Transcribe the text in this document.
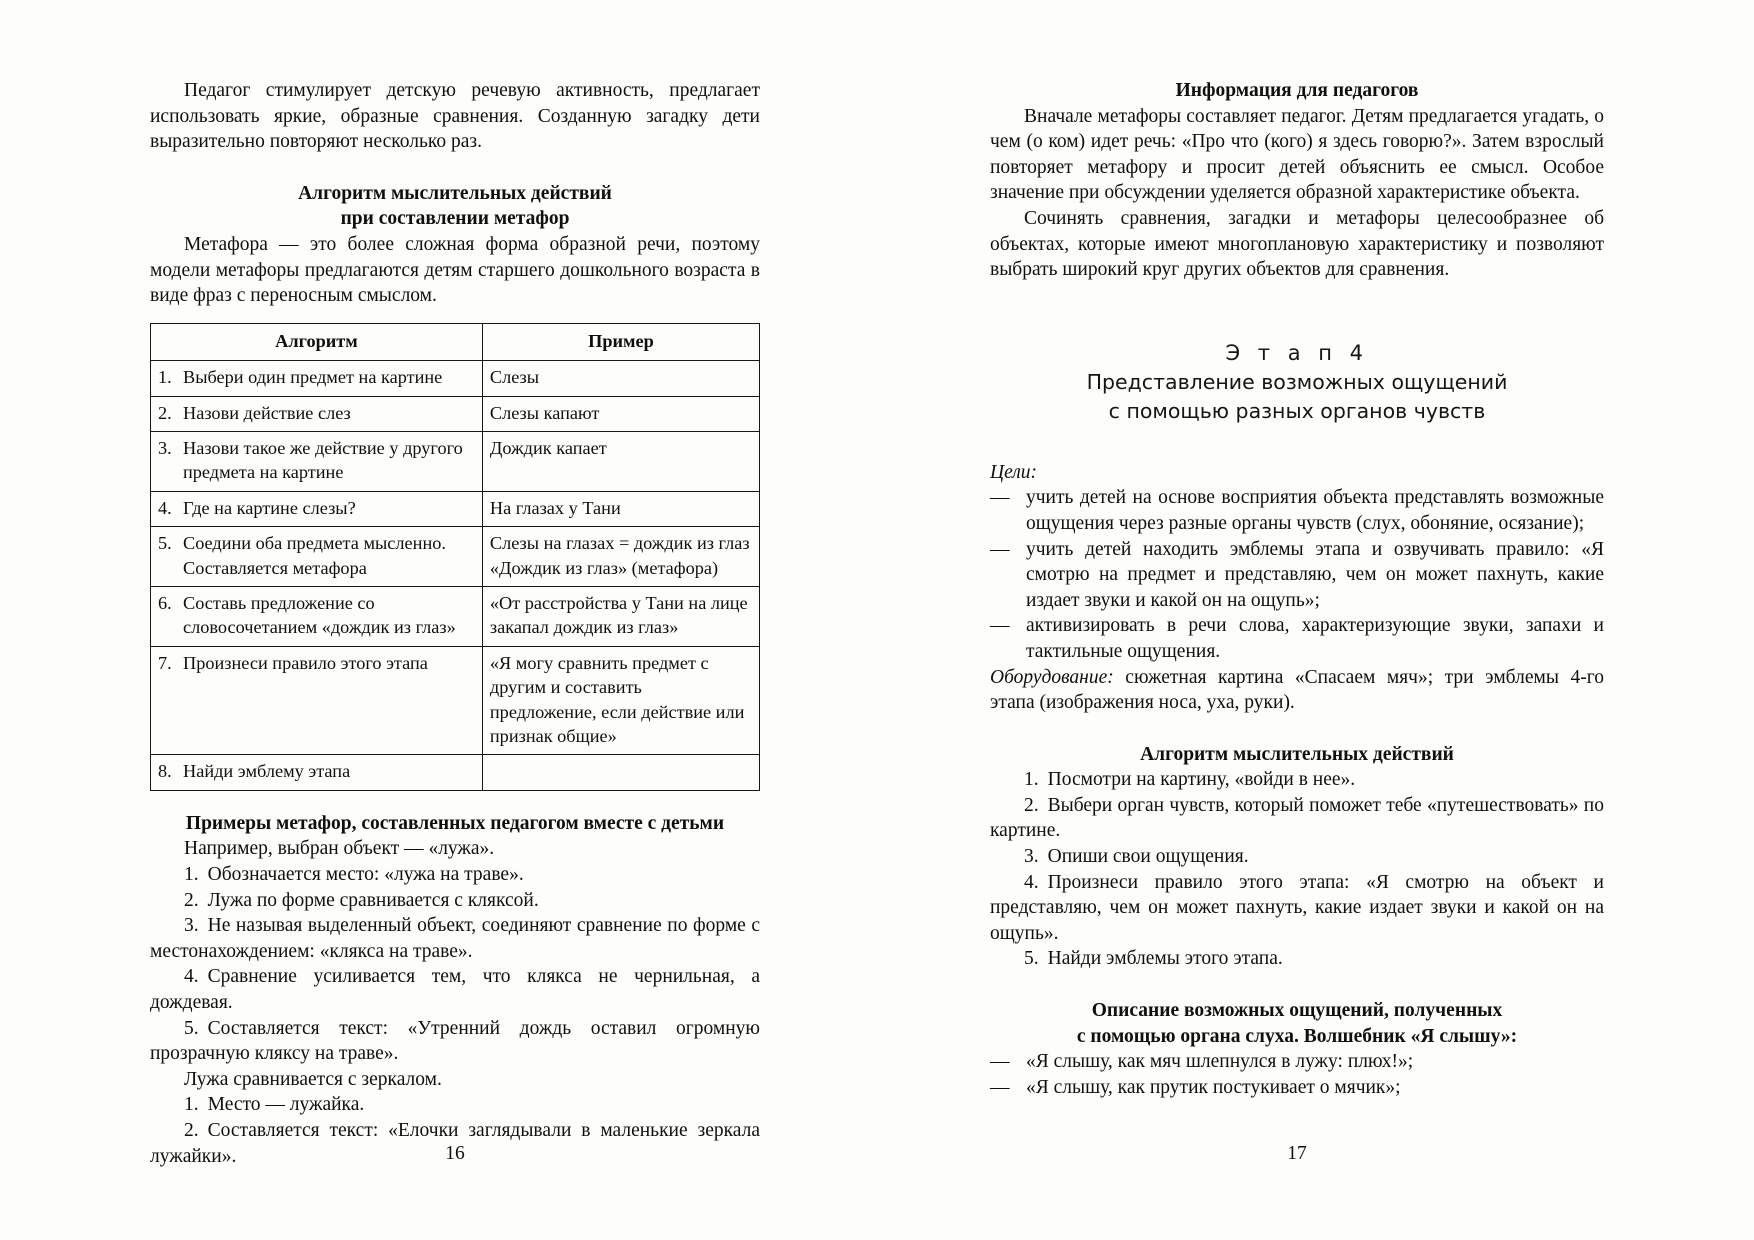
Педагог стимулирует детскую речевую активность, предлагает использовать яркие, образные сравнения. Созданную загадку дети выразительно повторяют несколько раз.

Алгоритм мыслительных действий
при составлении метафор

Метафора — это более сложная форма образной речи, поэтому модели метафоры предлагаются детям старшего дошкольного возраста в виде фраз с переносным смыслом.

Алгоритм	Пример

1. Выбери один предмет на картине	Слезы

2. Назови действие слез	Слезы капают

3. Назови такое же действие у другого предмета на картине	Дождик капает

4. Где на картине слезы?	На глазах у Тани

5. Соедини оба предмета мысленно. Составляется метафора	Слезы на глазах = дождик из глаз «Дождик из глаз» (метафора)

6. Составь предложение со словосочетанием «дождик из глаз»	«От расстройства у Тани на лице закапал дождик из глаз»

7. Произнеси правило этого этапа	«Я могу сравнить предмет с другим и составить предложение, если действие или признак общие»

8. Найди эмблему этапа	

Примеры метафор, составленных педагогом вместе с детьми

Например, выбран объект — «лужа».

1. Обозначается место: «лужа на траве».
2. Лужа по форме сравнивается с кляксой.
3. Не называя выделенный объект, соединяют сравнение по форме с местонахождением: «клякса на траве».
4. Сравнение усиливается тем, что клякса не чернильная, а дождевая.
5. Составляется текст: «Утренний дождь оставил огромную прозрачную кляксу на траве».

Лужа сравнивается с зеркалом.

1. Место — лужайка.
2. Составляется текст: «Елочки заглядывали в маленькие зеркала лужайки».	16
Информация для педагогов

Вначале метафоры составляет педагог. Детям предлагается угадать, о чем (о ком) идет речь: «Про что (кого) я здесь говорю?». Затем взрослый повторяет метафору и просит детей объяснить ее смысл. Особое значение при обсуждении уделяется образной характеристике объекта.

Сочинять сравнения, загадки и метафоры целесообразнее об объектах, которые имеют многоплановую характеристику и позволяют выбрать широкий круг других объектов для сравнения.

Э т а п 4
Представление возможных ощущений
с помощью разных органов чувств
Цели:
— учить детей на основе восприятия объекта представлять возможные ощущения через разные органы чувств (слух, обоняние, осязание);
— учить детей находить эмблемы этапа и озвучивать правило: «Я смотрю на предмет и представляю, чем он может пахнуть, какие издает звуки и какой он на ощупь»;
— активизировать в речи слова, характеризующие звуки, запахи и тактильные ощущения.

Оборудование: сюжетная картина «Спасаем мяч»; три эмблемы 4-го этапа (изображения носа, уха, руки).

Алгоритм мыслительных действий
1. Посмотри на картину, «войди в нее».
2. Выбери орган чувств, который поможет тебе «путешествовать» по картине.
3. Опиши свои ощущения.
4. Произнеси правило этого этапа: «Я смотрю на объект и представляю, чем он может пахнуть, какие издает звуки и какой он на ощупь».
5. Найди эмблемы этого этапа.
Описание возможных ощущений, полученных
с помощью органа слуха. Волшебник «Я слышу»:
— «Я слышу, как мяч шлепнулся в лужу: плюх!»;
— «Я слышу, как прутик постукивает о мячик»;
17
